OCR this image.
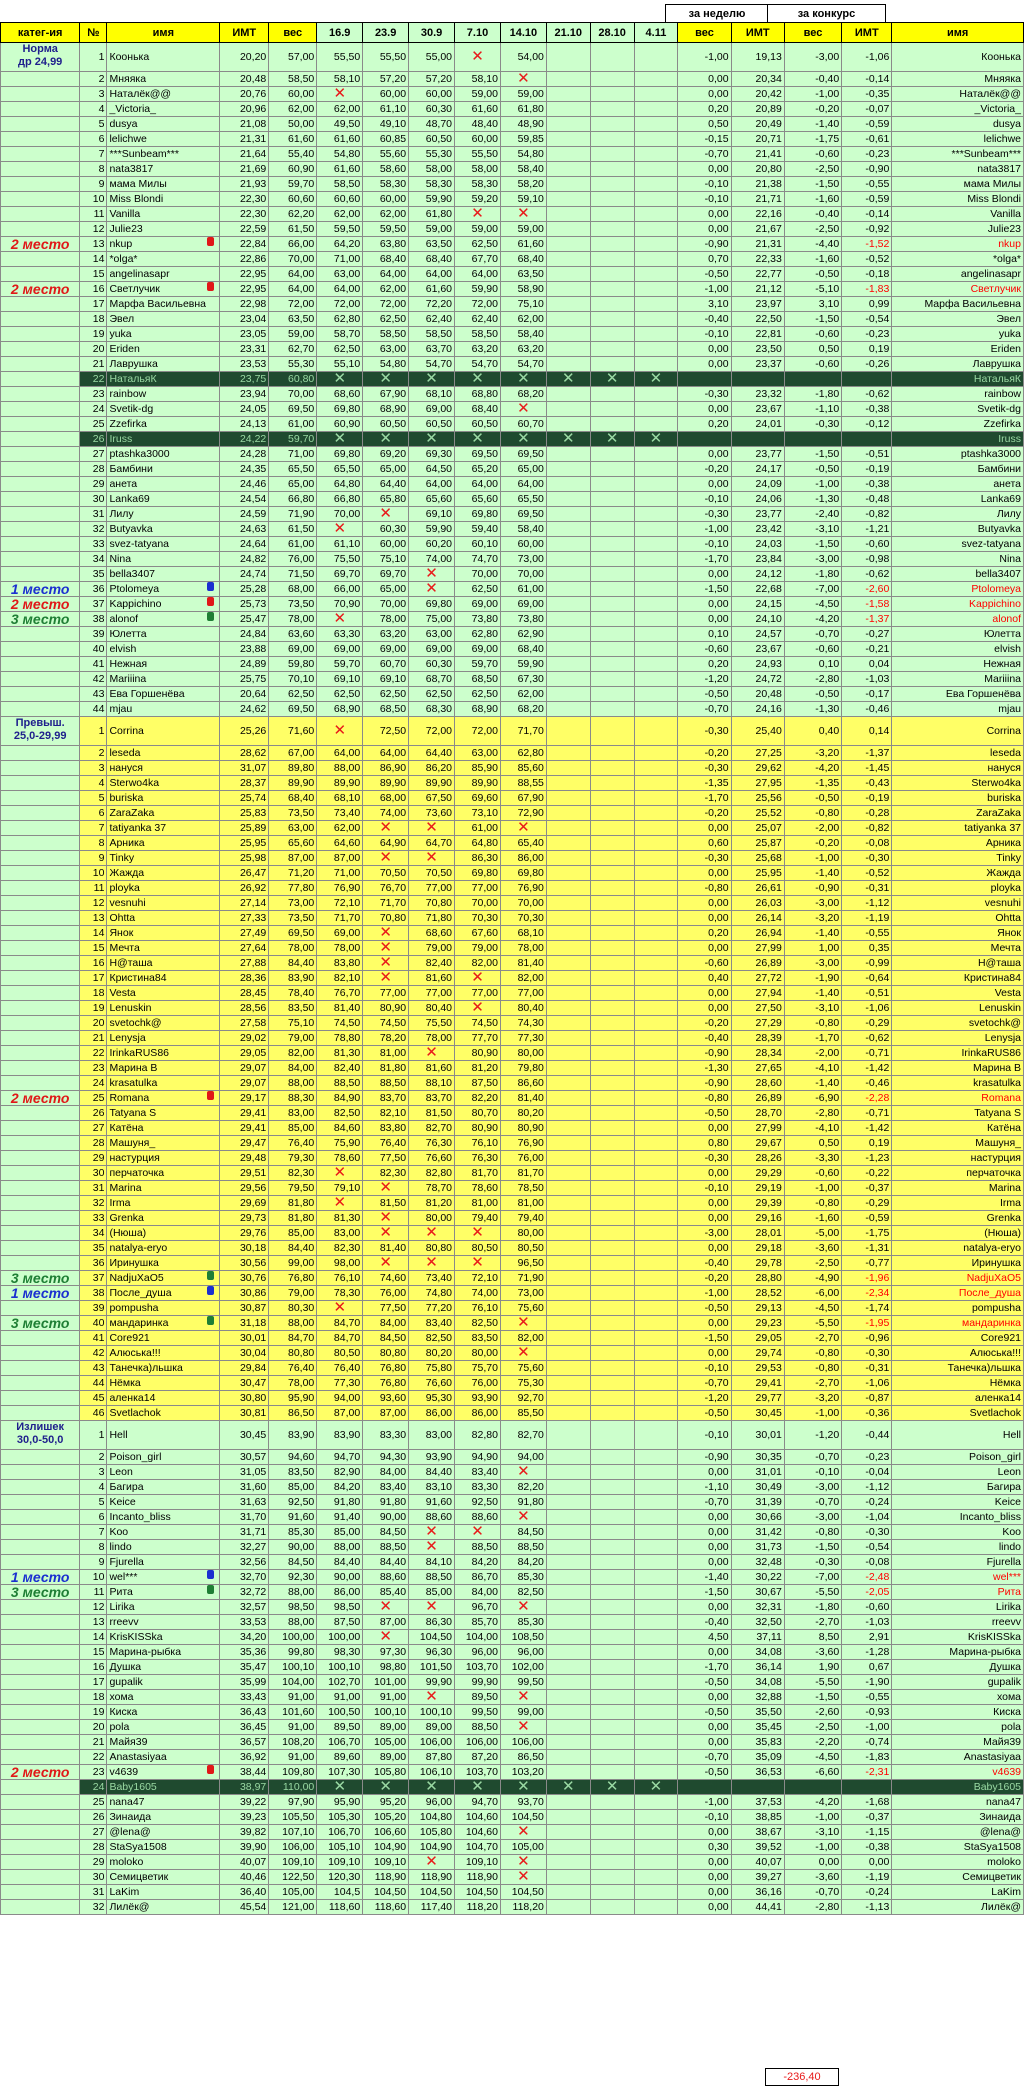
за неделю	за конкурс
катег-ия	№	имя	ИМТ	вес	16.9	23.9	30.9	7.10	14.10	21.10	28.10	4.11	вес	ИМТ	вес	ИМТ	имя

Норма
др 24,99	1	Коонька	20,20	57,00	55,50	55,50	55,00	✕	54,00				-1,00	19,13	-3,00	-1,06	Коонька
	2	Мняяка	20,48	58,50	58,10	57,20	57,20	58,10	✕				0,00	20,34	-0,40	-0,14	Мняяка
	3	Наталёк@@	20,76	60,00	✕	60,00	60,00	59,00	59,00				0,00	20,42	-1,00	-0,35	Наталёк@@
	4	_Victoria_	20,96	62,00	62,00	61,10	60,30	61,60	61,80				0,20	20,89	-0,20	-0,07	_Victoria_
	5	dusya	21,08	50,00	49,50	49,10	48,70	48,40	48,90				0,50	20,49	-1,40	-0,59	dusya
	6	lelichwe	21,31	61,60	61,60	60,85	60,50	60,00	59,85				-0,15	20,71	-1,75	-0,61	lelichwe
	7	***Sunbeam***	21,64	55,40	54,80	55,60	55,30	55,50	54,80				-0,70	21,41	-0,60	-0,23	***Sunbeam***
	8	nata3817	21,69	60,90	61,60	58,60	58,00	58,00	58,40				0,00	20,80	-2,50	-0,90	nata3817
	9	мама Милы	21,93	59,70	58,50	58,30	58,30	58,30	58,20				-0,10	21,38	-1,50	-0,55	мама Милы
	10	Miss Blondi	22,30	60,60	60,60	60,00	59,90	59,20	59,10				-0,10	21,71	-1,60	-0,59	Miss Blondi
	11	Vanilla	22,30	62,20	62,00	62,00	61,80	✕	✕				0,00	22,16	-0,40	-0,14	Vanilla
	12	Julie23	22,59	61,50	59,50	59,50	59,00	59,00	59,00				0,00	21,67	-2,50	-0,92	Julie23
2 место	13	nkup	22,84	66,00	64,20	63,80	63,50	62,50	61,60				-0,90	21,31	-4,40	-1,52	nkup
	14	*olga*	22,86	70,00	71,00	68,40	68,40	67,70	68,40				0,70	22,33	-1,60	-0,52	*olga*
	15	angelinasapr	22,95	64,00	63,00	64,00	64,00	64,00	63,50				-0,50	22,77	-0,50	-0,18	angelinasapr
2 место	16	Светлучик	22,95	64,00	64,00	62,00	61,60	59,90	58,90				-1,00	21,12	-5,10	-1,83	Светлучик
	17	Марфа Васильевна	22,98	72,00	72,00	72,00	72,20	72,00	75,10				3,10	23,97	3,10	0,99	Марфа Васильевна
	18	Эвел	23,04	63,50	62,80	62,50	62,40	62,40	62,00				-0,40	22,50	-1,50	-0,54	Эвел
	19	yuka	23,05	59,00	58,70	58,50	58,50	58,50	58,40				-0,10	22,81	-0,60	-0,23	yuka
	20	Eriden	23,31	62,70	62,50	63,00	63,70	63,20	63,20				0,00	23,50	0,50	0,19	Eriden
	21	Лаврушка	23,53	55,30	55,10	54,80	54,70	54,70	54,70				0,00	23,37	-0,60	-0,26	Лаврушка
	22	НатальяК	23,75	60,80	✕	✕	✕	✕	✕	✕	✕	✕					НатальяК
	23	rainbow	23,94	70,00	68,60	67,90	68,10	68,80	68,20				-0,30	23,32	-1,80	-0,62	rainbow
	24	Svetik-dg	24,05	69,50	69,80	68,90	69,00	68,40	✕				0,00	23,67	-1,10	-0,38	Svetik-dg
	25	Zzefirka	24,13	61,00	60,90	60,50	60,50	60,50	60,70				0,20	24,01	-0,30	-0,12	Zzefirka
	26	Iruss	24,22	59,70	✕	✕	✕	✕	✕	✕	✕	✕					Iruss
	27	ptashka3000	24,28	71,00	69,80	69,20	69,30	69,50	69,50				0,00	23,77	-1,50	-0,51	ptashka3000
	28	Бамбини	24,35	65,50	65,50	65,00	64,50	65,20	65,00				-0,20	24,17	-0,50	-0,19	Бамбини
	29	анета	24,46	65,00	64,80	64,40	64,00	64,00	64,00				0,00	24,09	-1,00	-0,38	анета
	30	Lanka69	24,54	66,80	66,80	65,80	65,60	65,60	65,50				-0,10	24,06	-1,30	-0,48	Lanka69
	31	Лилу	24,59	71,90	70,00	✕	69,10	69,80	69,50				-0,30	23,77	-2,40	-0,82	Лилу
	32	Butyavka	24,63	61,50	✕	60,30	59,90	59,40	58,40				-1,00	23,42	-3,10	-1,21	Butyavka
	33	svez-tatyana	24,64	61,00	61,10	60,00	60,20	60,10	60,00				-0,10	24,03	-1,50	-0,60	svez-tatyana
	34	Nina	24,82	76,00	75,50	75,10	74,00	74,70	73,00				-1,70	23,84	-3,00	-0,98	Nina
	35	bella3407	24,74	71,50	69,70	69,70	✕	70,00	70,00				0,00	24,12	-1,80	-0,62	bella3407
1 место	36	Ptolomeya	25,28	68,00	66,00	65,00	✕	62,50	61,00				-1,50	22,68	-7,00	-2,60	Ptolomeya
2 место	37	Kappichino	25,73	73,50	70,90	70,00	69,80	69,00	69,00				0,00	24,15	-4,50	-1,58	Kappichino
3 место	38	alonof	25,47	78,00	✕	78,00	75,00	73,80	73,80				0,00	24,10	-4,20	-1,37	alonof
	39	Юлетта	24,84	63,60	63,30	63,20	63,00	62,80	62,90				0,10	24,57	-0,70	-0,27	Юлетта
	40	elvish	23,88	69,00	69,00	69,00	69,00	69,00	68,40				-0,60	23,67	-0,60	-0,21	elvish
	41	Нежная	24,89	59,80	59,70	60,70	60,30	59,70	59,90				0,20	24,93	0,10	0,04	Нежная
	42	Mariiina	25,75	70,10	69,10	69,10	68,70	68,50	67,30				-1,20	24,72	-2,80	-1,03	Mariiina
	43	Ева Горшенёва	20,64	62,50	62,50	62,50	62,50	62,50	62,00				-0,50	20,48	-0,50	-0,17	Ева Горшенёва
	44	mjau	24,62	69,50	68,90	68,50	68,30	68,90	68,20				-0,70	24,16	-1,30	-0,46	mjau

Превыш.
25,0-29,99	1	Corrina	25,26	71,60	✕	72,50	72,00	72,00	71,70				-0,30	25,40	0,40	0,14	Corrina
	2	leseda	28,62	67,00	64,00	64,00	64,40	63,00	62,80				-0,20	27,25	-3,20	-1,37	leseda
	3	нануся	31,07	89,80	88,00	86,90	86,20	85,90	85,60				-0,30	29,62	-4,20	-1,45	нануся
	4	Sterwo4ka	28,37	89,90	89,90	89,90	89,90	89,90	88,55				-1,35	27,95	-1,35	-0,43	Sterwo4ka
	5	buriska	25,74	68,40	68,10	68,00	67,50	69,60	67,90				-1,70	25,56	-0,50	-0,19	buriska
	6	ZaraZaka	25,83	73,50	73,40	74,00	73,60	73,10	72,90				-0,20	25,52	-0,80	-0,28	ZaraZaka
	7	tatiyanka 37	25,89	63,00	62,00	✕	✕	61,00	✕				0,00	25,07	-2,00	-0,82	tatiyanka 37
	8	Арника	25,95	65,60	64,60	64,90	64,70	64,80	65,40				0,60	25,87	-0,20	-0,08	Арника
	9	Tinky	25,98	87,00	87,00	✕	✕	86,30	86,00				-0,30	25,68	-1,00	-0,30	Tinky
	10	Жажда	26,47	71,20	71,00	70,50	70,50	69,80	69,80				0,00	25,95	-1,40	-0,52	Жажда
	11	ployka	26,92	77,80	76,90	76,70	77,00	77,00	76,90				-0,80	26,61	-0,90	-0,31	ployka
	12	vesnuhi	27,14	73,00	72,10	71,70	70,80	70,00	70,00				0,00	26,03	-3,00	-1,12	vesnuhi
	13	Ohtta	27,33	73,50	71,70	70,80	71,80	70,30	70,30				0,00	26,14	-3,20	-1,19	Ohtta
	14	Янок	27,49	69,50	69,00	✕	68,60	67,60	68,10				0,20	26,94	-1,40	-0,55	Янок
	15	Мечта	27,64	78,00	78,00	✕	79,00	79,00	78,00				0,00	27,99	1,00	0,35	Мечта
	16	Н@таша	27,88	84,40	83,80	✕	82,40	82,00	81,40				-0,60	26,89	-3,00	-0,99	Н@таша
	17	Кристина84	28,36	83,90	82,10	✕	81,60	✕	82,00				0,40	27,72	-1,90	-0,64	Кристина84
	18	Vesta	28,45	78,40	76,70	77,00	77,00	77,00	77,00				0,00	27,94	-1,40	-0,51	Vesta
	19	Lenuskin	28,56	83,50	81,40	80,90	80,40	✕	80,40				0,00	27,50	-3,10	-1,06	Lenuskin
	20	svetochk@	27,58	75,10	74,50	74,50	75,50	74,50	74,30				-0,20	27,29	-0,80	-0,29	svetochk@
	21	Lenysja	29,02	79,00	78,80	78,20	78,00	77,70	77,30				-0,40	28,39	-1,70	-0,62	Lenysja
	22	IrinkaRUS86	29,05	82,00	81,30	81,00	✕	80,90	80,00				-0,90	28,34	-2,00	-0,71	IrinkaRUS86
	23	Марина В	29,07	84,00	82,40	81,80	81,60	81,20	79,80				-1,30	27,65	-4,10	-1,42	Марина В
	24	krasatulka	29,07	88,00	88,50	88,50	88,10	87,50	86,60				-0,90	28,60	-1,40	-0,46	krasatulka
2 место	25	Romana	29,17	88,30	84,90	83,70	83,70	82,20	81,40				-0,80	26,89	-6,90	-2,28	Romana
	26	Tatyana S	29,41	83,00	82,50	82,10	81,50	80,70	80,20				-0,50	28,70	-2,80	-0,71	Tatyana S
	27	Катёна	29,41	85,00	84,60	83,80	82,70	80,90	80,90				0,00	27,99	-4,10	-1,42	Катёна
	28	Машуня_	29,47	76,40	75,90	76,40	76,30	76,10	76,90				0,80	29,67	0,50	0,19	Машуня_
	29	настурция	29,48	79,30	78,60	77,50	76,60	76,30	76,00				-0,30	28,26	-3,30	-1,23	настурция
	30	перчаточка	29,51	82,30	✕	82,30	82,80	81,70	81,70				0,00	29,29	-0,60	-0,22	перчаточка
	31	Marina	29,56	79,50	79,10	✕	78,70	78,60	78,50				-0,10	29,19	-1,00	-0,37	Marina
	32	Irma	29,69	81,80	✕	81,50	81,20	81,00	81,00				0,00	29,39	-0,80	-0,29	Irma
	33	Grenka	29,73	81,80	81,30	✕	80,00	79,40	79,40				0,00	29,16	-1,60	-0,59	Grenka
	34	(Нюша)	29,76	85,00	83,00	✕	✕	✕	80,00				-3,00	28,01	-5,00	-1,75	(Нюша)
	35	natalya-eryo	30,18	84,40	82,30	81,40	80,80	80,50	80,50				0,00	29,18	-3,60	-1,31	natalya-eryo
	36	Иринушка	30,56	99,00	98,00	✕	✕	✕	96,50				-0,40	29,78	-2,50	-0,77	Иринушка
3 место	37	NadjuXaO5	30,76	76,80	76,10	74,60	73,40	72,10	71,90				-0,20	28,80	-4,90	-1,96	NadjuXaO5
1 место	38	После_душа	30,86	79,00	78,30	76,00	74,80	74,00	73,00				-1,00	28,52	-6,00	-2,34	После_душа
	39	pompusha	30,87	80,30	✕	77,50	77,20	76,10	75,60				-0,50	29,13	-4,50	-1,74	pompusha
3 место	40	мандаринка	31,18	88,00	84,70	84,00	83,40	82,50	✕				0,00	29,23	-5,50	-1,95	мандаринка
	41	Core921	30,01	84,70	84,70	84,50	82,50	83,50	82,00				-1,50	29,05	-2,70	-0,96	Core921
	42	Алюська!!!	30,04	80,80	80,50	80,80	80,20	80,00	✕				0,00	29,74	-0,80	-0,30	Алюська!!!
	43	Танечка)льшка	29,84	76,40	76,40	76,80	75,80	75,70	75,60				-0,10	29,53	-0,80	-0,31	Танечка)льшка
	44	Нёмка	30,47	78,00	77,30	76,80	76,60	76,00	75,30				-0,70	29,41	-2,70	-1,06	Нёмка
	45	аленка14	30,80	95,90	94,00	93,60	95,30	93,90	92,70				-1,20	29,77	-3,20	-0,87	аленка14
	46	Svetlachok	30,81	86,50	87,00	87,00	86,00	86,00	85,50				-0,50	30,45	-1,00	-0,36	Svetlachok

Излишек
30,0-50,0	1	Hell	30,45	83,90	83,90	83,30	83,00	82,80	82,70				-0,10	30,01	-1,20	-0,44	Hell
	2	Poison_girl	30,57	94,60	94,70	94,30	93,90	94,90	94,00				-0,90	30,35	-0,70	-0,23	Poison_girl
	3	Leon	31,05	83,50	82,90	84,00	84,40	83,40	✕				0,00	31,01	-0,10	-0,04	Leon
	4	Багира	31,60	85,00	84,20	83,40	83,10	83,30	82,20				-1,10	30,49	-3,00	-1,12	Багира
	5	Keice	31,63	92,50	91,80	91,80	91,60	92,50	91,80				-0,70	31,39	-0,70	-0,24	Keice
	6	Incanto_bliss	31,70	91,60	91,40	90,00	88,60	88,60	✕				0,00	30,66	-3,00	-1,04	Incanto_bliss
	7	Koo	31,71	85,30	85,00	84,50	✕	✕	84,50				0,00	31,42	-0,80	-0,30	Koo
	8	lindo	32,27	90,00	88,00	88,50	✕	88,50	88,50				0,00	31,73	-1,50	-0,54	lindo
	9	Fjurella	32,56	84,50	84,40	84,40	84,10	84,20	84,20				0,00	32,48	-0,30	-0,08	Fjurella
1 место	10	wel***	32,70	92,30	90,00	88,60	88,50	86,70	85,30				-1,40	30,22	-7,00	-2,48	wel***
3 место	11	Рита	32,72	88,00	86,00	85,40	85,00	84,00	82,50				-1,50	30,67	-5,50	-2,05	Рита
	12	Lirika	32,57	98,50	98,50	✕	✕	96,70	✕				0,00	32,31	-1,80	-0,60	Lirika
	13	rreevv	33,53	88,00	87,50	87,00	86,30	85,70	85,30				-0,40	32,50	-2,70	-1,03	rreevv
	14	KrisKISSka	34,20	100,00	100,00	✕	104,50	104,00	108,50				4,50	37,11	8,50	2,91	KrisKISSka
	15	Марина-рыбка	35,36	99,80	98,30	97,30	96,30	96,00	96,00				0,00	34,08	-3,60	-1,28	Марина-рыбка
	16	Душка	35,47	100,10	100,10	98,80	101,50	103,70	102,00				-1,70	36,14	1,90	0,67	Душка
	17	gupalik	35,99	104,00	102,70	101,00	99,90	99,90	99,50				-0,50	34,08	-5,50	-1,90	gupalik
	18	хома	33,43	91,00	91,00	91,00	✕	89,50	✕				0,00	32,88	-1,50	-0,55	хома
	19	Киска	36,43	101,60	100,50	100,10	100,10	99,50	99,00				-0,50	35,50	-2,60	-0,93	Киска
	20	pola	36,45	91,00	89,50	89,00	89,00	88,50	✕				0,00	35,45	-2,50	-1,00	pola
	21	Майя39	36,57	108,20	106,70	105,00	106,00	106,00	106,00				0,00	35,83	-2,20	-0,74	Майя39
	22	Anastasiyaa	36,92	91,00	89,60	89,00	87,80	87,20	86,50				-0,70	35,09	-4,50	-1,83	Anastasiyaa
2 место	23	v4639	38,44	109,80	107,30	105,80	106,10	103,70	103,20				-0,50	36,53	-6,60	-2,31	v4639
	24	Baby1605	38,97	110,00	✕	✕	✕	✕	✕	✕	✕	✕					Baby1605
	25	nana47	39,22	97,90	95,90	95,20	96,00	94,70	93,70				-1,00	37,53	-4,20	-1,68	nana47
	26	Зинаида	39,23	105,50	105,30	105,20	104,80	104,60	104,50				-0,10	38,85	-1,00	-0,37	Зинаида
	27	@lena@	39,82	107,10	106,70	106,60	105,80	104,60	✕				0,00	38,67	-3,10	-1,15	@lena@
	28	StaSya1508	39,90	106,00	105,10	104,90	104,90	104,70	105,00				0,30	39,52	-1,00	-0,38	StaSya1508
	29	moloko	40,07	109,10	109,10	109,10	✕	109,10	✕				0,00	40,07	0,00	0,00	moloko
	30	Семицветик	40,46	122,50	120,30	118,90	118,90	118,90	✕				0,00	39,27	-3,60	-1,19	Семицветик
	31	LaKim	36,40	105,00	104,5	104,50	104,50	104,50	104,50				0,00	36,16	-0,70	-0,24	LaKim
	32	Лилёк@	45,54	121,00	118,60	118,60	117,40	118,20	118,20				0,00	44,41	-2,80	-1,13	Лилёк@
-236,40
